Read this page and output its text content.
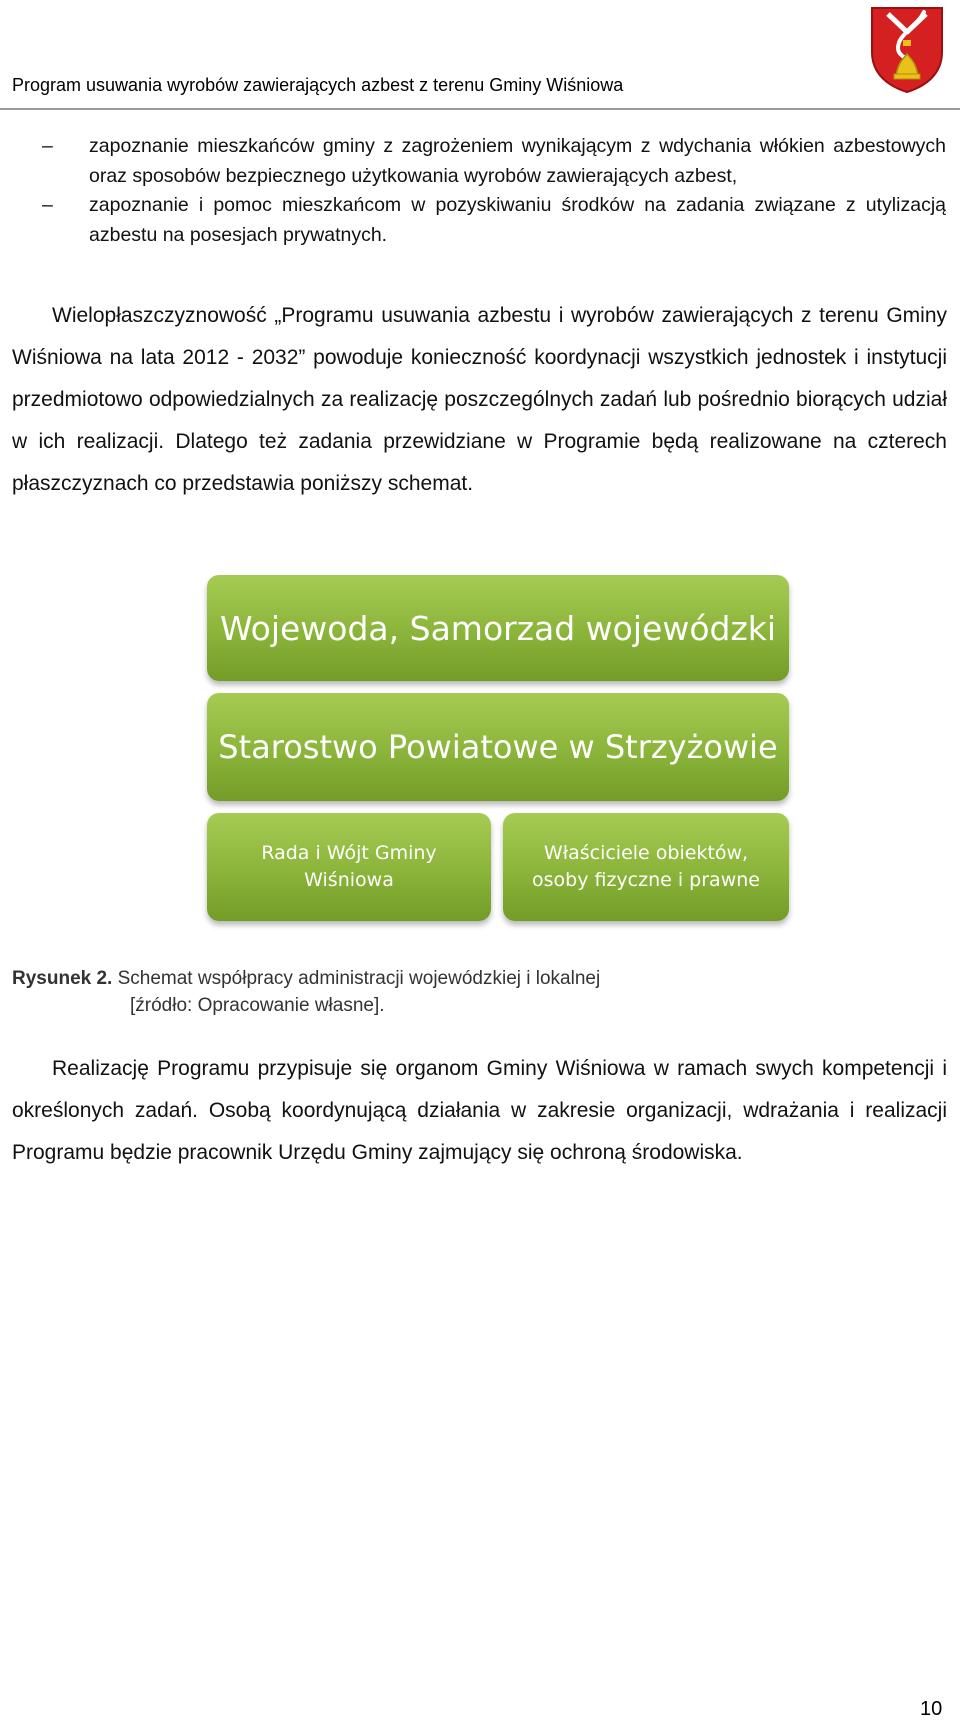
Program usuwania wyrobów zawierających azbest z terenu Gminy Wiśniowa
– zapoznanie mieszkańców gminy z zagrożeniem wynikającym z wdychania włókien azbestowych oraz sposobów bezpiecznego użytkowania wyrobów zawierających azbest,
– zapoznanie i pomoc mieszkańcom w pozyskiwaniu środków na zadania związane z utylizacją azbestu na posesjach prywatnych.

Wielopłaszczyznowość „Programu usuwania azbestu i wyrobów zawierających z terenu Gminy Wiśniowa na lata 2012 - 2032” powoduje konieczność koordynacji wszystkich jednostek i instytucji przedmiotowo odpowiedzialnych za realizację poszczególnych zadań lub pośrednio biorących udział w ich realizacji. Dlatego też zadania przewidziane w Programie będą realizowane na czterech płaszczyznach co przedstawia poniższy schemat.

Wojewoda, Samorzad wojewódzki
Starostwo Powiatowe w Strzyżowie
Rada i Wójt Gminy Wiśniowa
Właściciele obiektów, osoby fizyczne i prawne
Rysunek 2. Schemat współpracy administracji wojewódzkiej i lokalnej
[źródło: Opracowanie własne].

Realizację Programu przypisuje się organom Gminy Wiśniowa w ramach swych kompetencji i określonych zadań. Osobą koordynującą działania w zakresie organizacji, wdrażania i realizacji Programu będzie pracownik Urzędu Gminy zajmujący się ochroną środowiska.

10
